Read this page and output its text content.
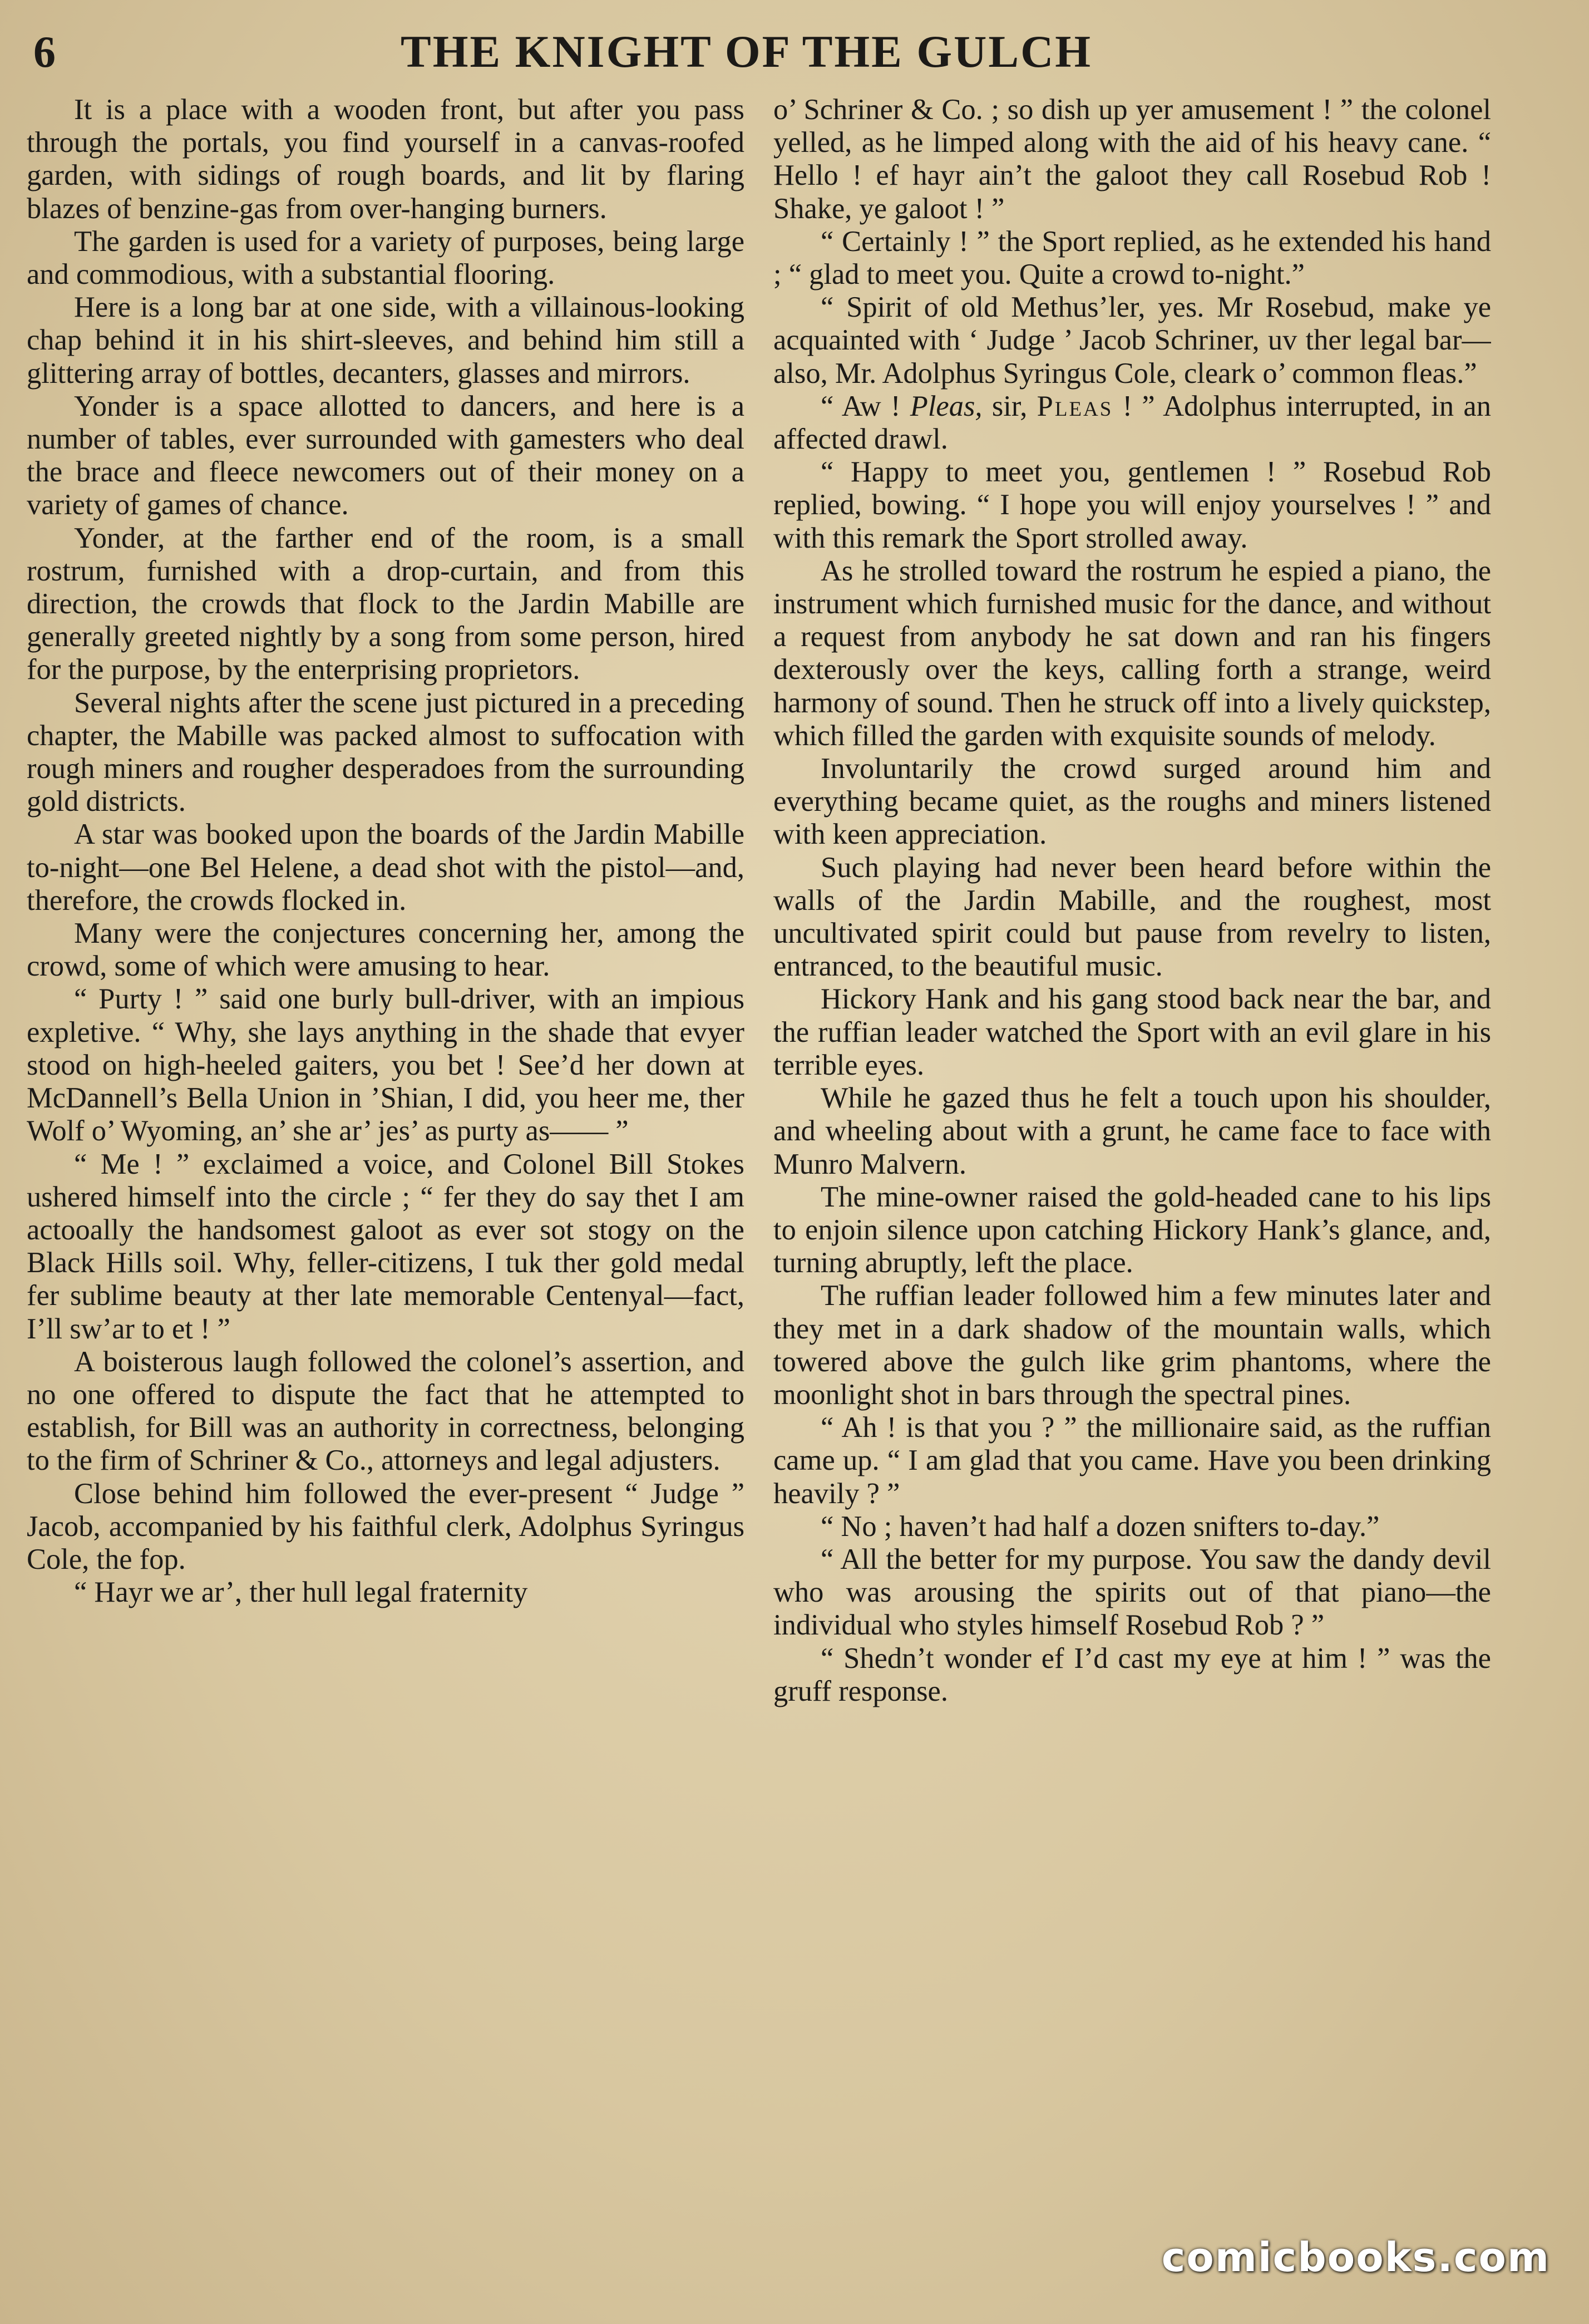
6	THE KNIGHT OF THE GULCH

It is a place with a wooden front, but after you pass through the portals, you find yourself in a canvas-roofed garden, with sidings of rough boards, and lit by flaring blazes of benzine-gas from over-hanging burners.

The garden is used for a variety of purposes, being large and commodious, with a substantial flooring.

Here is a long bar at one side, with a villainous-looking chap behind it in his shirt-sleeves, and behind him still a glittering array of bottles, decanters, glasses and mirrors.

Yonder is a space allotted to dancers, and here is a number of tables, ever surrounded with gamesters who deal the brace and fleece newcomers out of their money on a variety of games of chance.

Yonder, at the farther end of the room, is a small rostrum, furnished with a drop-curtain, and from this direction, the crowds that flock to the Jardin Mabille are generally greeted nightly by a song from some person, hired for the purpose, by the enterprising proprietors.

Several nights after the scene just pictured in a preceding chapter, the Mabille was packed almost to suffocation with rough miners and rougher desperadoes from the surrounding gold districts.

A star was booked upon the boards of the Jardin Mabille to-night—one Bel Helene, a dead shot with the pistol—and, therefore, the crowds flocked in.

Many were the conjectures concerning her, among the crowd, some of which were amusing to hear.

“ Purty ! ” said one burly bull-driver, with an impious expletive. “ Why, she lays anything in the shade that evyer stood on high-heeled gaiters, you bet ! See’d her down at McDannell’s Bella Union in ’Shian, I did, you heer me, ther Wolf o’ Wyoming, an’ she ar’ jes’ as purty as—— ”

“ Me ! ” exclaimed a voice, and Colonel Bill Stokes ushered himself into the circle ; “ fer they do say thet I am actooally the handsomest galoot as ever sot stogy on the Black Hills soil. Why, feller-citizens, I tuk ther gold medal fer sublime beauty at ther late memorable Centenyal—fact, I’ll sw’ar to et ! ”

A boisterous laugh followed the colonel’s assertion, and no one offered to dispute the fact that he attempted to establish, for Bill was an authority in correctness, belonging to the firm of Schriner & Co., attorneys and legal adjusters.

Close behind him followed the ever-present “ Judge ” Jacob, accompanied by his faithful clerk, Adolphus Syringus Cole, the fop.

“ Hayr we ar’, ther hull legal fraternity

o’ Schriner & Co. ; so dish up yer amusement ! ” the colonel yelled, as he limped along with the aid of his heavy cane. “ Hello ! ef hayr ain’t the galoot they call Rosebud Rob ! Shake, ye galoot ! ”

“ Certainly ! ” the Sport replied, as he extended his hand ; “ glad to meet you. Quite a crowd to-night.”

“ Spirit of old Methus’ler, yes. Mr Rosebud, make ye acquainted with ‘ Judge ’ Jacob Schriner, uv ther legal bar—also, Mr. Adolphus Syringus Cole, cleark o’ common fleas.”

“ Aw ! Pleas, sir, Pleas ! ” Adolphus interrupted, in an affected drawl.

“ Happy to meet you, gentlemen ! ” Rosebud Rob replied, bowing. “ I hope you will enjoy yourselves ! ” and with this remark the Sport strolled away.

As he strolled toward the rostrum he espied a piano, the instrument which furnished music for the dance, and without a request from anybody he sat down and ran his fingers dexterously over the keys, calling forth a strange, weird harmony of sound. Then he struck off into a lively quickstep, which filled the garden with exquisite sounds of melody.

Involuntarily the crowd surged around him and everything became quiet, as the roughs and miners listened with keen appreciation.

Such playing had never been heard before within the walls of the Jardin Mabille, and the roughest, most uncultivated spirit could but pause from revelry to listen, entranced, to the beautiful music.

Hickory Hank and his gang stood back near the bar, and the ruffian leader watched the Sport with an evil glare in his terrible eyes.

While he gazed thus he felt a touch upon his shoulder, and wheeling about with a grunt, he came face to face with Munro Malvern.

The mine-owner raised the gold-headed cane to his lips to enjoin silence upon catching Hickory Hank’s glance, and, turning abruptly, left the place.

The ruffian leader followed him a few minutes later and they met in a dark shadow of the mountain walls, which towered above the gulch like grim phantoms, where the moonlight shot in bars through the spectral pines.

“ Ah ! is that you ? ” the millionaire said, as the ruffian came up. “ I am glad that you came. Have you been drinking heavily ? ”

“ No ; haven’t had half a dozen snifters to-day.”

“ All the better for my purpose. You saw the dandy devil who was arousing the spirits out of that piano—the individual who styles himself Rosebud Rob ? ”

“ Shedn’t wonder ef I’d cast my eye at him ! ” was the gruff response.

comicbooks.com
